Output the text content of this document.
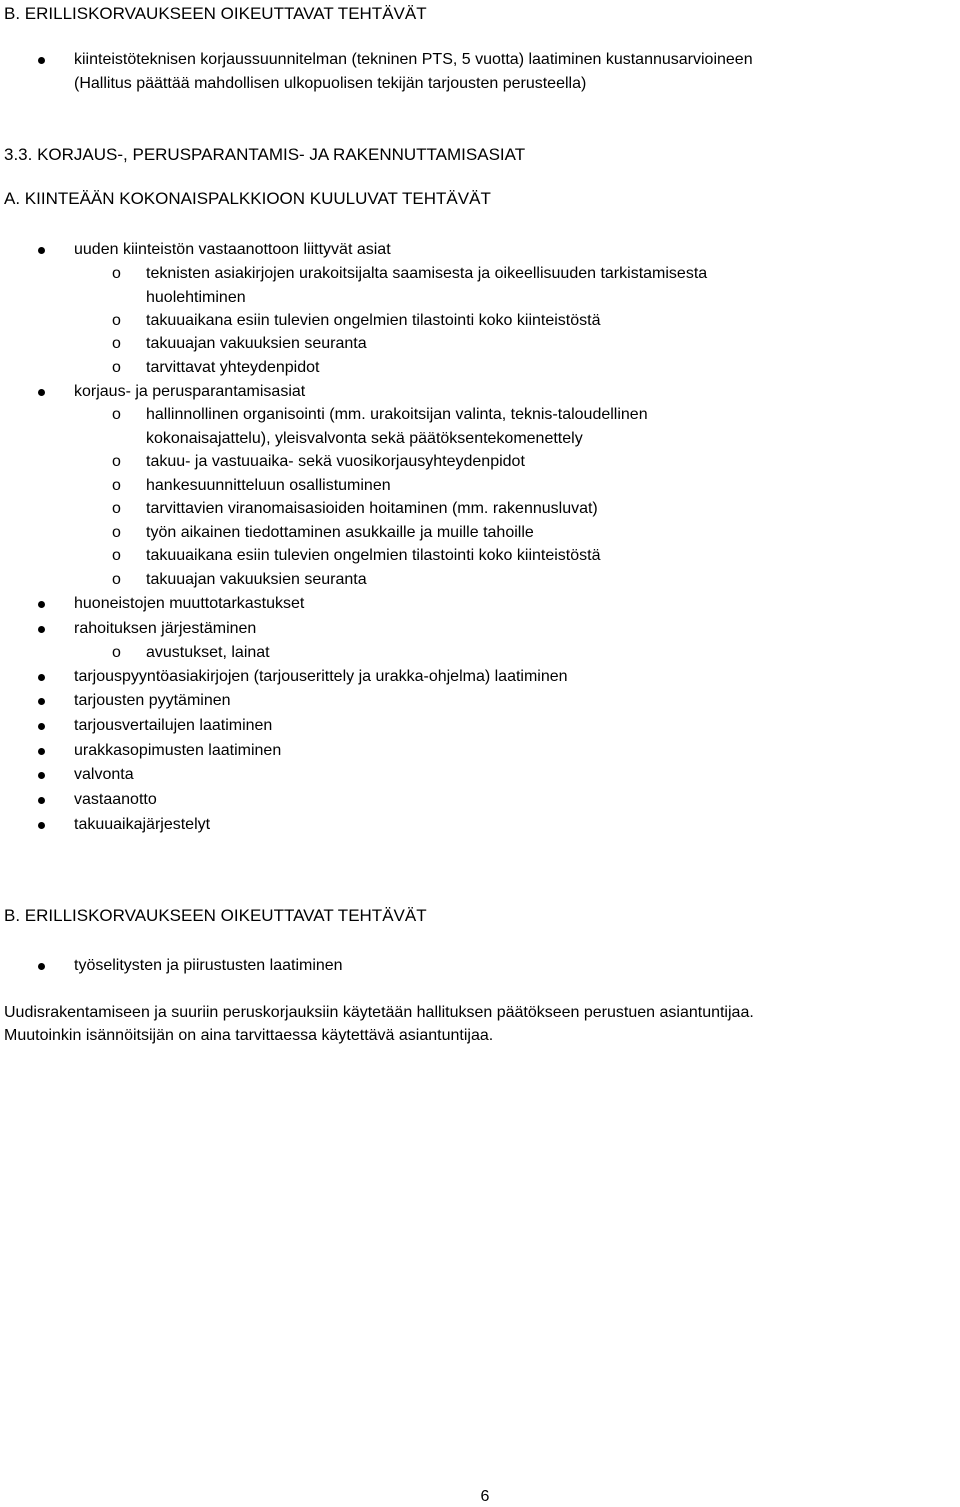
B. ERILLISKORVAUKSEEN OIKEUTTAVAT TEHTÄVÄT

kiinteistöteknisen korjaussuunnitelman (tekninen PTS, 5 vuotta) laatiminen kustannusarvioineen

(Hallitus päättää mahdollisen ulkopuolisen tekijän tarjousten perusteella)

3.3. KORJAUS-, PERUSPARANTAMIS- JA RAKENNUTTAMISASIAT
A. KIINTEÄÄN KOKONAISPALKKIOON KUULUVAT TEHTÄVÄT

uuden kiinteistön vastaanottoon liittyvät asiat

o teknisten asiakirjojen urakoitsijalta saamisesta ja oikeellisuuden tarkistamisesta

huolehtiminen

o takuuaikana esiin tulevien ongelmien tilastointi koko kiinteistöstä

o takuuajan vakuuksien seuranta

o tarvittavat yhteydenpidot

korjaus- ja perusparantamisasiat

o hallinnollinen organisointi (mm. urakoitsijan valinta, teknis-taloudellinen

kokonaisajattelu), yleisvalvonta sekä päätöksentekomenettely

o takuu- ja vastuuaika- sekä vuosikorjausyhteydenpidot

o hankesuunnitteluun osallistuminen

o tarvittavien viranomaisasioiden hoitaminen (mm. rakennusluvat)

o työn aikainen tiedottaminen asukkaille ja muille tahoille

o takuuaikana esiin tulevien ongelmien tilastointi koko kiinteistöstä

o takuuajan vakuuksien seuranta

huoneistojen muuttotarkastukset

rahoituksen järjestäminen

o avustukset, lainat

tarjouspyyntöasiakirjojen (tarjouserittely ja urakka-ohjelma) laatiminen

tarjousten pyytäminen

tarjousvertailujen laatiminen

urakkasopimusten laatiminen

valvonta

vastaanotto

takuuaikajärjestelyt

B. ERILLISKORVAUKSEEN OIKEUTTAVAT TEHTÄVÄT

työselitysten ja piirustusten laatiminen

Uudisrakentamiseen ja suuriin peruskorjauksiin käytetään hallituksen päätökseen perustuen asiantuntijaa.

Muutoinkin isännöitsijän on aina tarvittaessa käytettävä asiantuntijaa.

6
